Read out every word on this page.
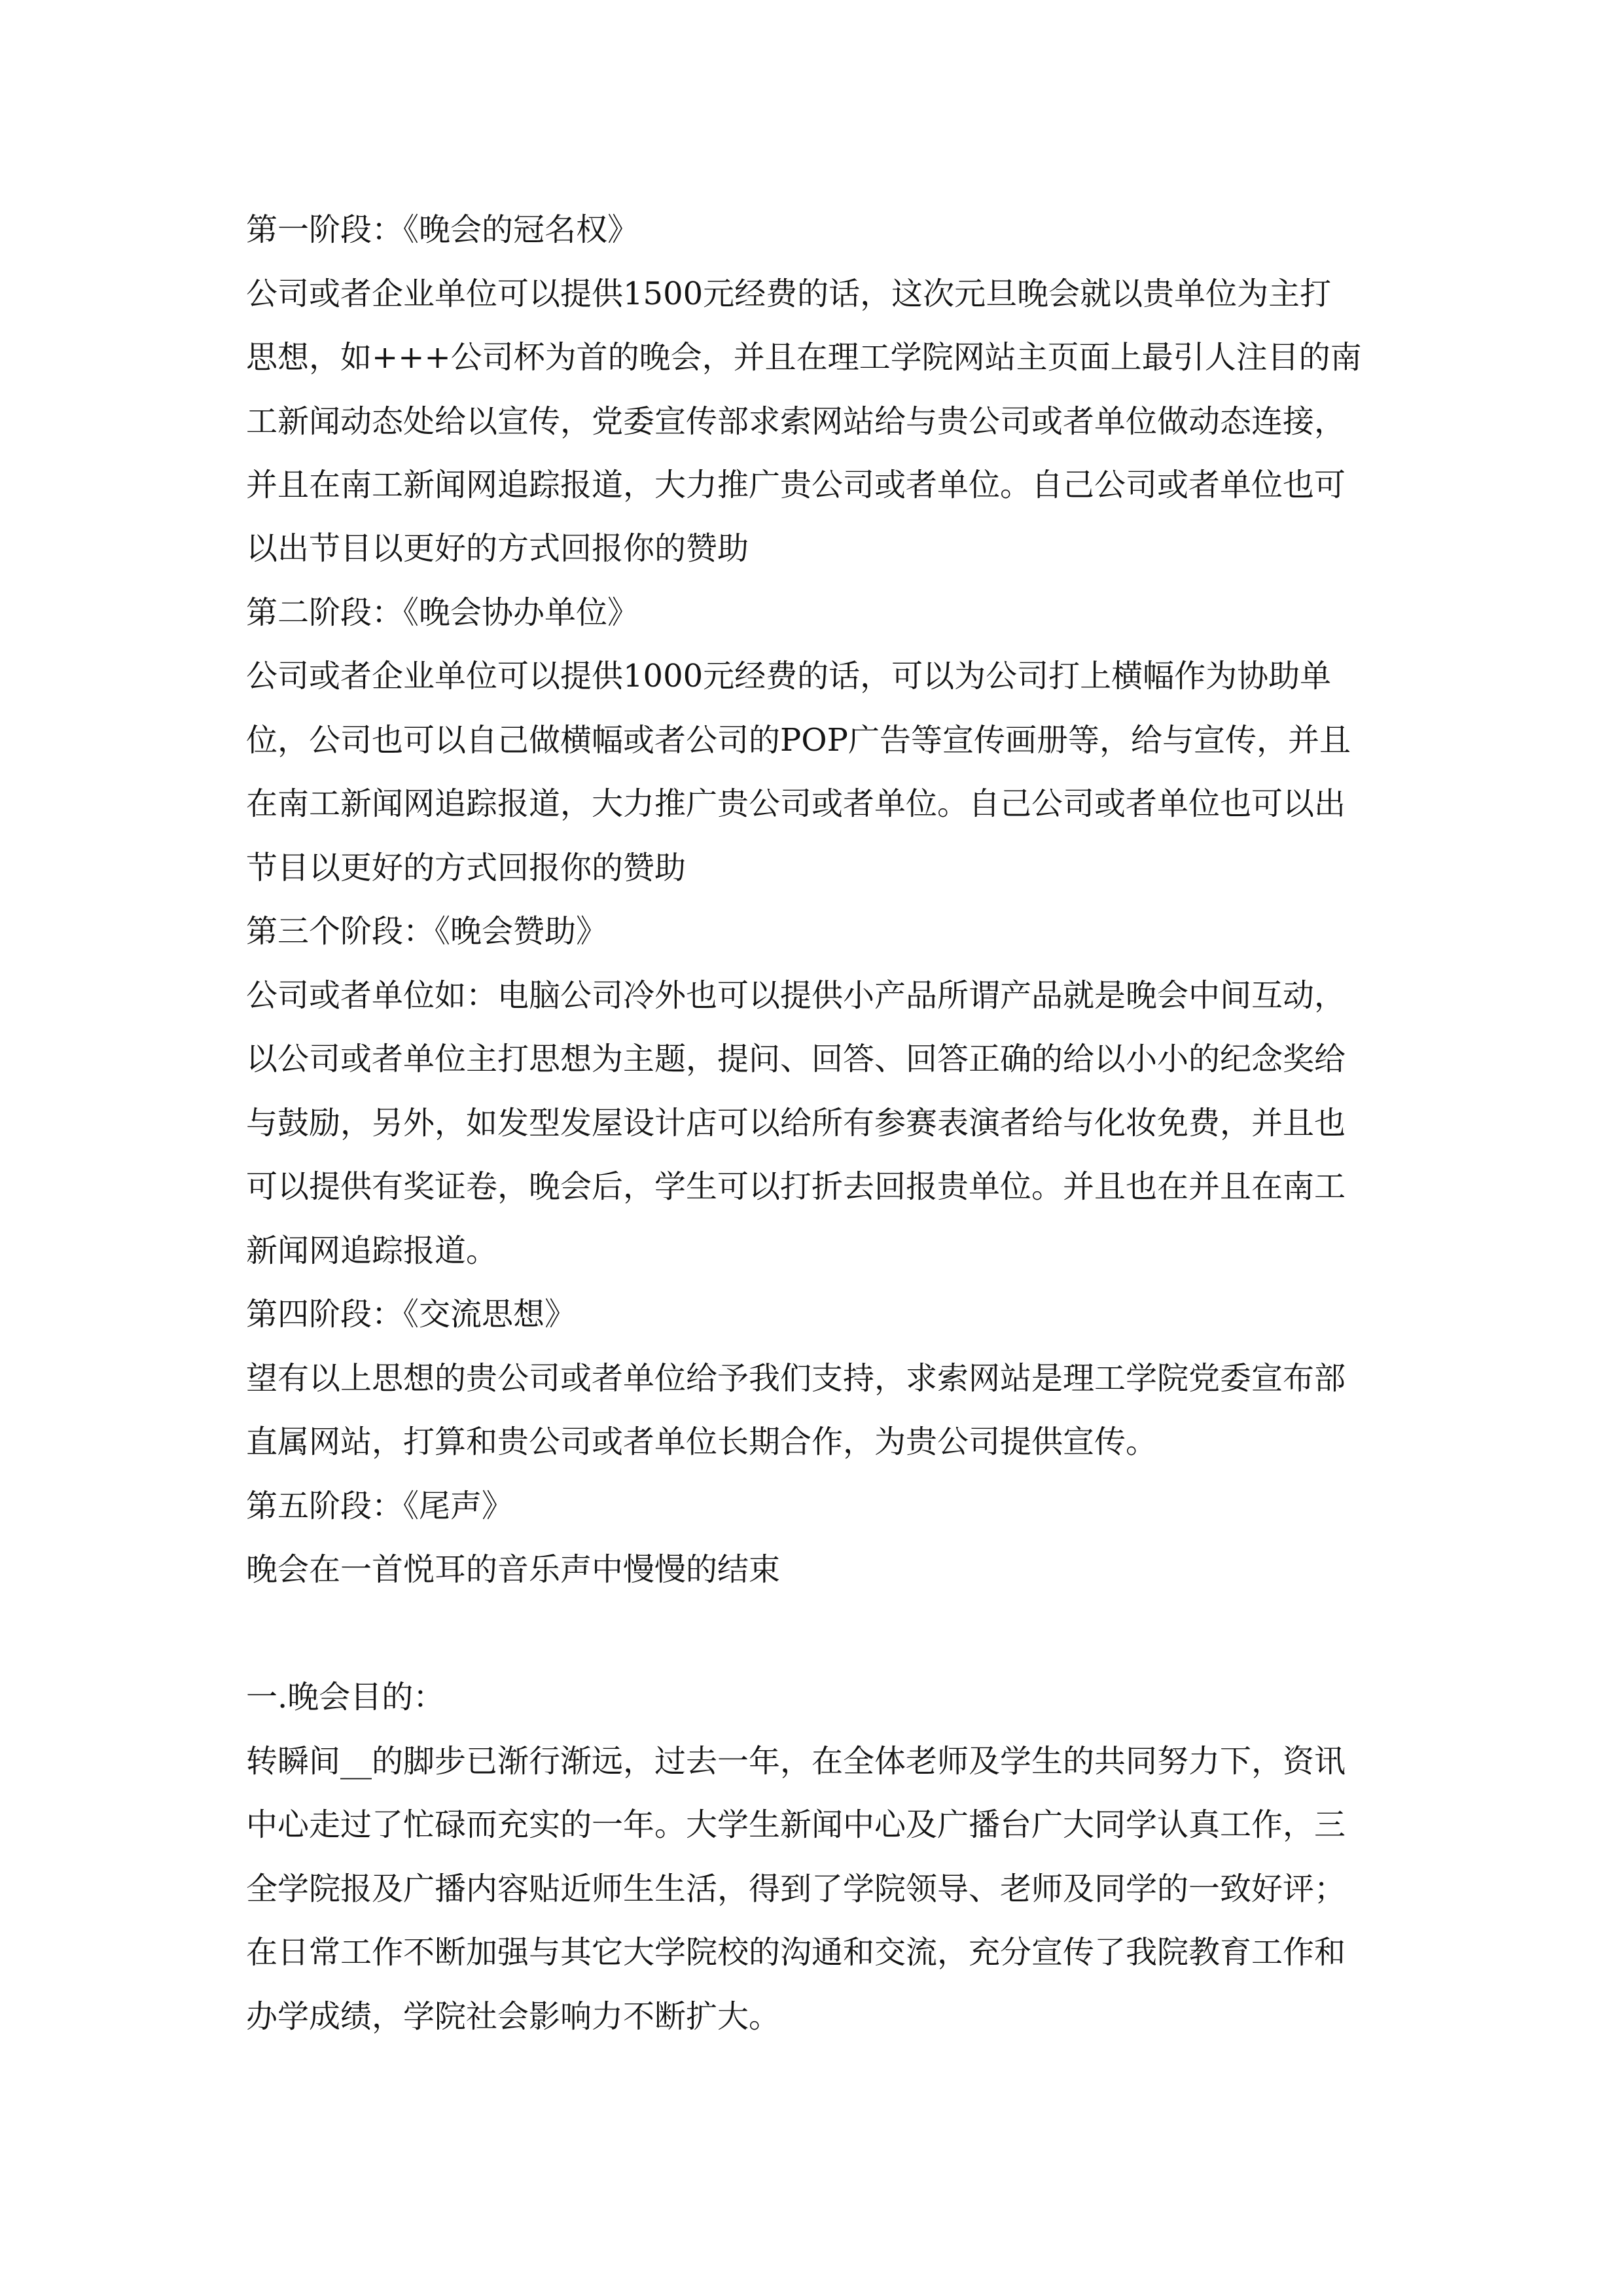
第一阶段：《晚会的冠名权》
公司或者企业单位可以提供1500元经费的话，这次元旦晚会就以贵单位为主打
思想，如+++公司杯为首的晚会，并且在理工学院网站主页面上最引人注目的南
工新闻动态处给以宣传，党委宣传部求索网站给与贵公司或者单位做动态连接，
并且在南工新闻网追踪报道，大力推广贵公司或者单位。自己公司或者单位也可
以出节目以更好的方式回报你的赞助
第二阶段：《晚会协办单位》
公司或者企业单位可以提供1000元经费的话，可以为公司打上横幅作为协助单
位，公司也可以自己做横幅或者公司的POP广告等宣传画册等，给与宣传，并且
在南工新闻网追踪报道，大力推广贵公司或者单位。自己公司或者单位也可以出
节目以更好的方式回报你的赞助
第三个阶段：《晚会赞助》
公司或者单位如：电脑公司冷外也可以提供小产品所谓产品就是晚会中间互动，
以公司或者单位主打思想为主题，提问、回答、回答正确的给以小小的纪念奖给
与鼓励，另外，如发型发屋设计店可以给所有参赛表演者给与化妆免费，并且也
可以提供有奖证卷，晚会后，学生可以打折去回报贵单位。并且也在并且在南工
新闻网追踪报道。
第四阶段：《交流思想》
望有以上思想的贵公司或者单位给予我们支持，求索网站是理工学院党委宣布部
直属网站，打算和贵公司或者单位长期合作，为贵公司提供宣传。
第五阶段：《尾声》
晚会在一首悦耳的音乐声中慢慢的结束
一.晚会目的：
转瞬间__的脚步已渐行渐远，过去一年，在全体老师及学生的共同努力下，资讯
中心走过了忙碌而充实的一年。大学生新闻中心及广播台广大同学认真工作，三
全学院报及广播内容贴近师生生活，得到了学院领导、老师及同学的一致好评；
在日常工作不断加强与其它大学院校的沟通和交流，充分宣传了我院教育工作和
办学成绩，学院社会影响力不断扩大。
